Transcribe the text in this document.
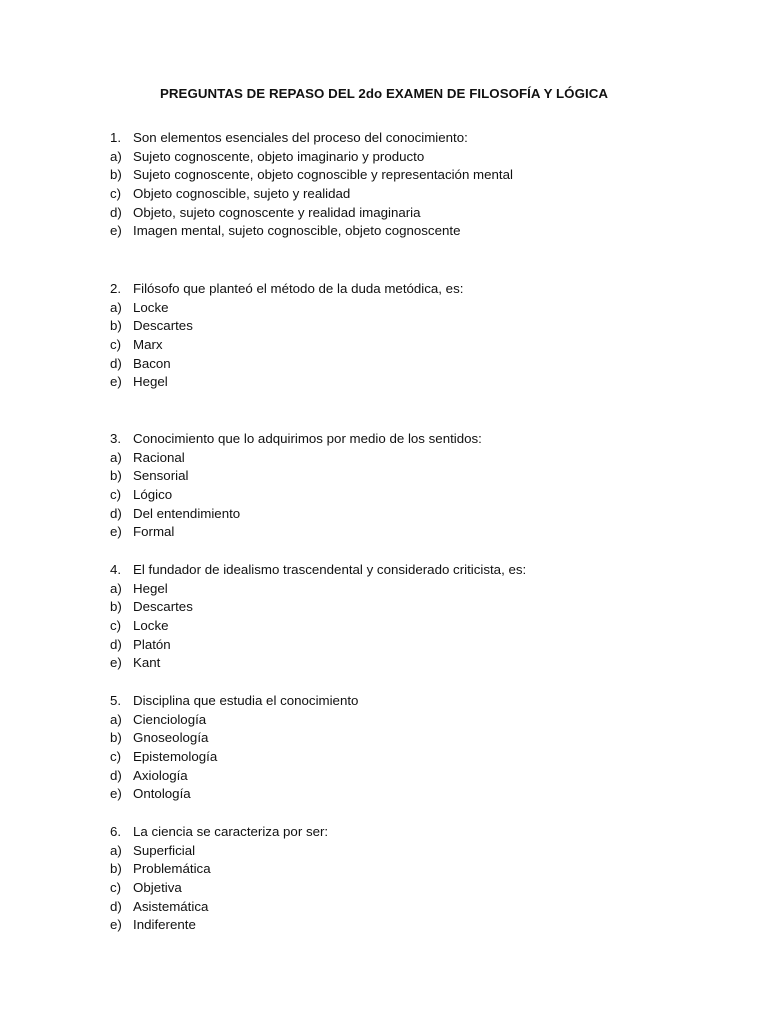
PREGUNTAS DE REPASO DEL 2do EXAMEN DE FILOSOFÍA Y LÓGICA
1. Son elementos esenciales del proceso del conocimiento:
a) Sujeto cognoscente, objeto imaginario y producto
b) Sujeto cognoscente, objeto cognoscible y representación mental
c) Objeto cognoscible, sujeto y realidad
d) Objeto, sujeto cognoscente y realidad imaginaria
e) Imagen mental, sujeto cognoscible, objeto cognoscente
2. Filósofo que planteó el método de la duda metódica, es:
a) Locke
b) Descartes
c) Marx
d) Bacon
e) Hegel
3. Conocimiento que lo adquirimos por medio de los sentidos:
a) Racional
b) Sensorial
c) Lógico
d) Del entendimiento
e) Formal
4. El fundador de idealismo trascendental y considerado criticista, es:
a) Hegel
b) Descartes
c) Locke
d) Platón
e) Kant
5. Disciplina que estudia el conocimiento
a) Cienciología
b) Gnoseología
c) Epistemología
d) Axiología
e) Ontología
6. La ciencia se caracteriza por ser:
a) Superficial
b) Problemática
c) Objetiva
d) Asistemática
e) Indiferente
